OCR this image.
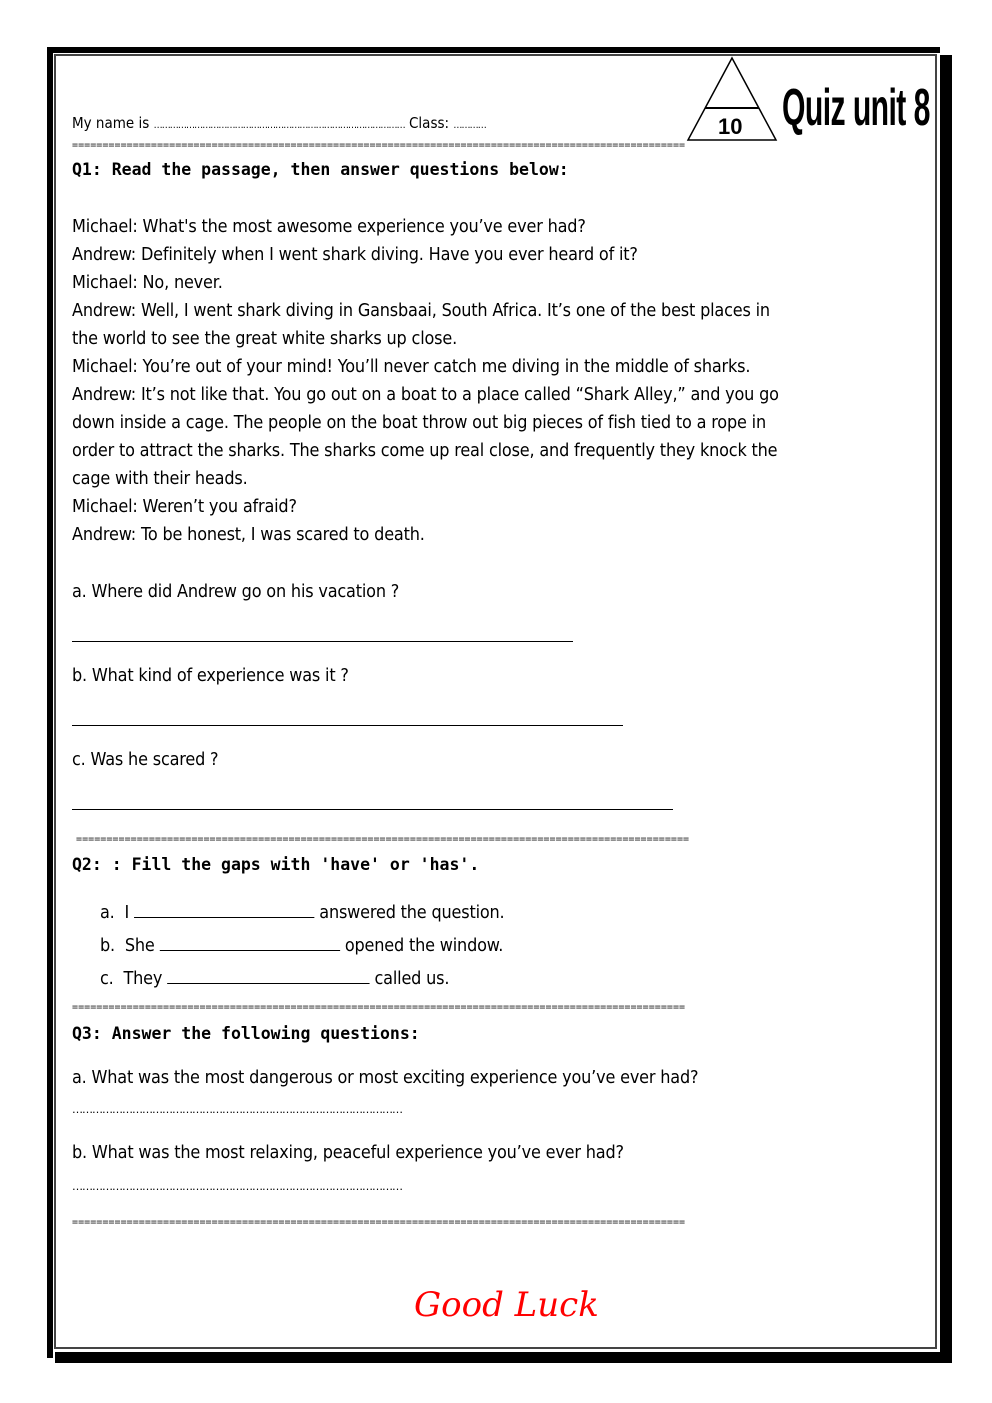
My name is ………………………………………………………………………………… Class: …………	10 Quiz unit 8
=====================================================================================================
Q1: Read the passage, then answer questions below:
Michael: What's the most awesome experience you’ve ever had?
Andrew: Definitely when I went shark diving. Have you ever heard of it?
Michael: No, never.
Andrew: Well, I went shark diving in Gansbaai, South Africa. It’s one of the best places in
the world to see the great white sharks up close.
Michael: You’re out of your mind! You’ll never catch me diving in the middle of sharks.
Andrew: It’s not like that. You go out on a boat to a place called “Shark Alley,” and you go
down inside a cage. The people on the boat throw out big pieces of fish tied to a rope in
order to attract the sharks. The sharks come up real close, and frequently they knock the
cage with their heads.
Michael: Weren’t you afraid?
Andrew: To be honest, I was scared to death.
a. Where did Andrew go on his vacation ?
b. What kind of experience was it ?
c. Was he scared ?
=====================================================================================================
Q2: : Fill the gaps with 'have' or 'has'.
a. I	answered the question.
b. She	opened the window.
c. They	called us.
=====================================================================================================
Q3: Answer the following questions:
a. What was the most dangerous or most exciting experience you’ve ever had?
………………………………………………………………………………………
b. What was the most relaxing, peaceful experience you’ve ever had?
………………………………………………………………………………………
=====================================================================================================
Good Luck
